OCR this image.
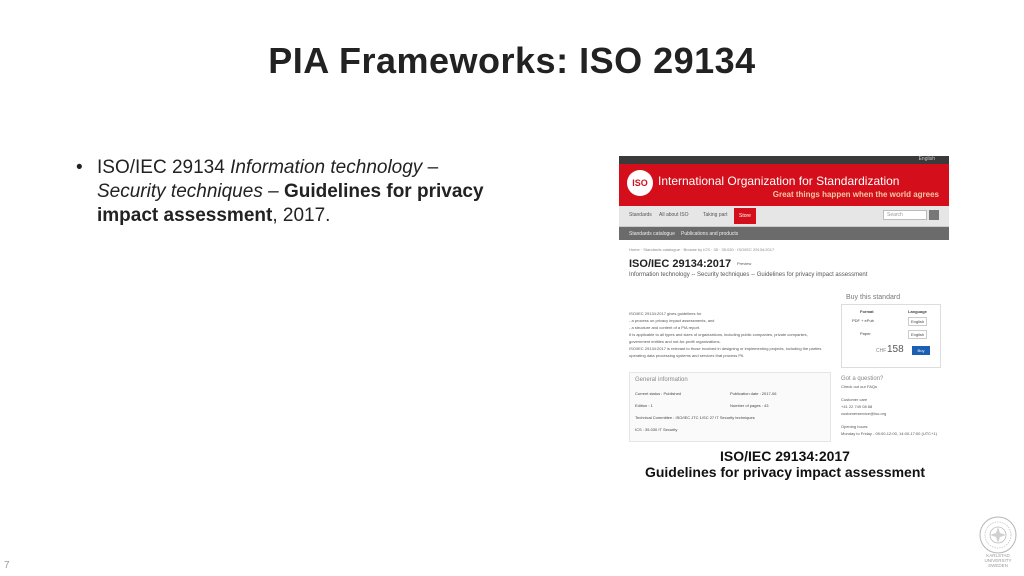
PIA Frameworks: ISO 29134
• ISO/IEC 29134 Information technology – Security techniques – Guidelines for privacy impact assessment, 2017.
English
ISO International Organization for Standardization
Great things happen when the world agrees
Standards All about ISO	Taking part	Store	Search
Standards catalogue Publications and products
Home · Standards catalogue · Browse by ICS · 35 · 35.030 · ISO/IEC 29134:2017
ISO/IEC 29134:2017 Preview
Information technology -- Security techniques -- Guidelines for privacy impact assessment
Buy this standard
Format	Language
PDF + ePub	English
Paper	English
CHF 158	Buy
ISO/IEC 29134:2017 gives guidelines for
- a process on privacy impact assessments, and
- a structure and content of a PIA report.
It is applicable to all types and sizes of organizations, including public companies, private companies, government entities and not-for-profit organizations.
ISO/IEC 29134:2017 is relevant to those involved in designing or implementing projects, including the parties operating data processing systems and services that process PII.
General information
Current status : Published	Publication date : 2017-06
Edition : 1	Number of pages : 43
Technical Committee : ISO/IEC JTC 1/SC 27 IT Security techniques
ICS : 35.030 IT Security
Got a question?
Check out our FAQs
Customer care
+41 22 749 08 88
customerservice@iso.org
Opening hours:
Monday to Friday - 09:00-12:00, 14:00-17:00 (UTC+1)
ISO/IEC 29134:2017
Guidelines for privacy impact assessment
KARLSTAD
UNIVERSITY
SWEDEN
7
